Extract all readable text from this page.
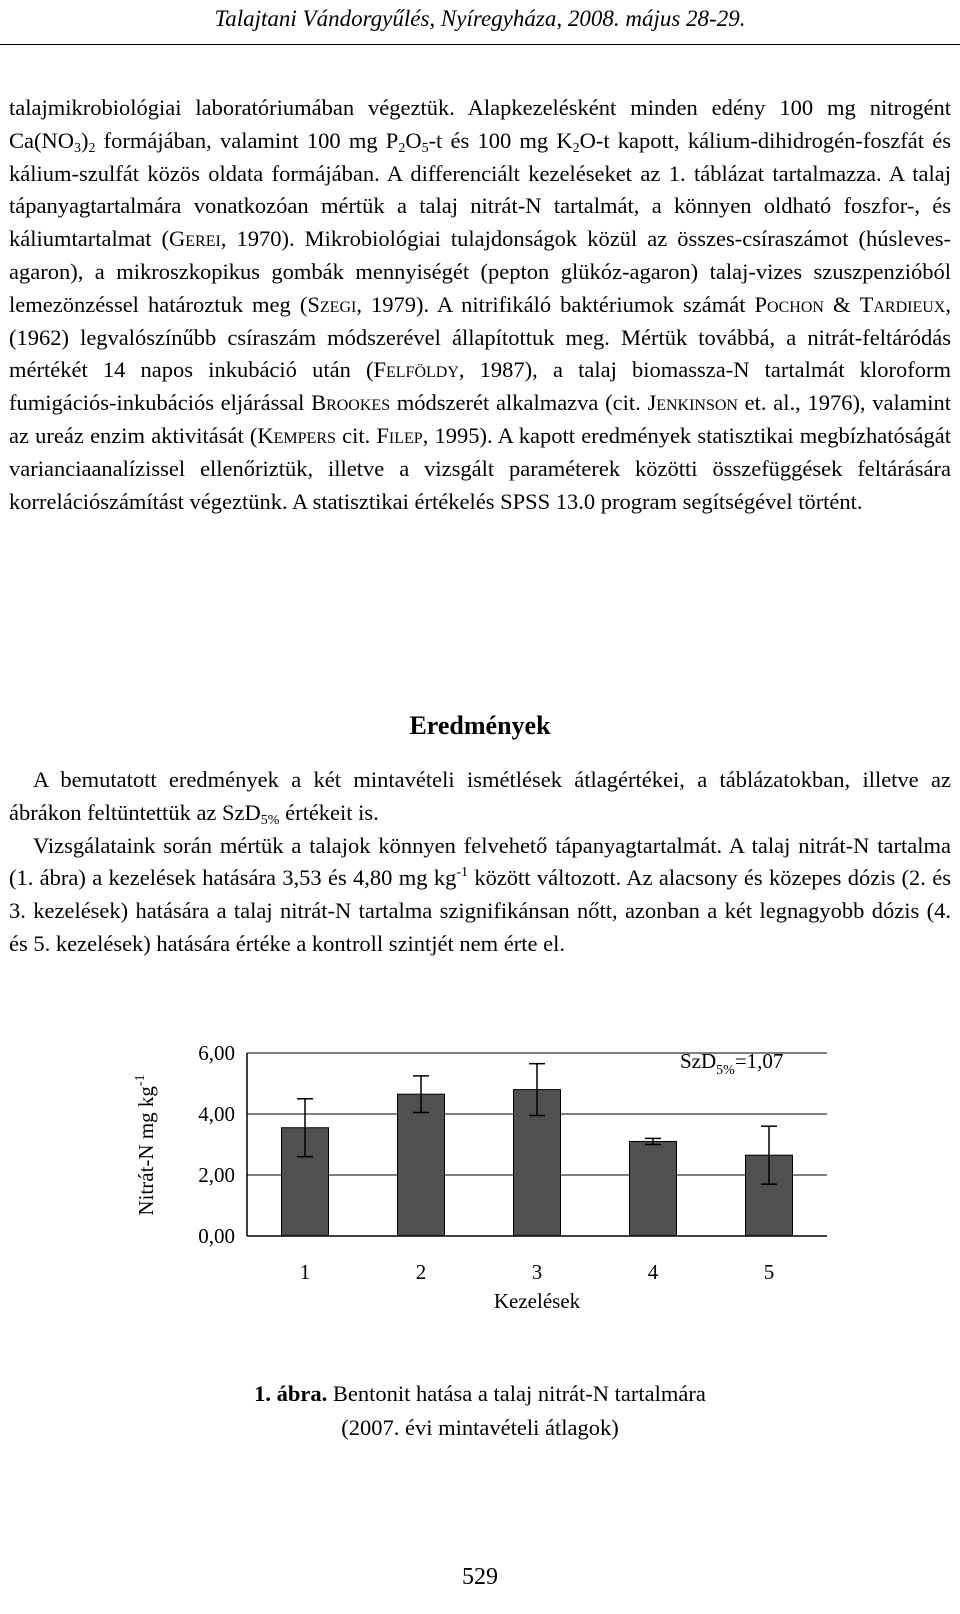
Talajtani Vándorgyűlés, Nyíregyháza, 2008. május 28-29.

talajmikrobiológiai laboratóriumában végeztük. Alapkezelésként minden edény 100 mg nitrogént $Ca(NO_3)_2$ formájában, valamint 100 mg $P_2O_5-t$ és 100 mg $K_2O-t$ kapott, kálium-dihidrogén-foszfát és kálium-szulfát közös oldata formájában. A differenciált kezeléseket az 1. táblázat tartalmazza. A talaj tápanyagtartalmára vonatkozóan mértük a talaj nitrát-N tartalmát, a könnyen oldható foszfor-, és káliumtartalmat (Gerei, 1970). Mikrobiológiai tulajdonságok közül az összes-csíraszámot (húsleves-agaron), a mikroszkopikus gombák mennyiségét (pepton glükóz-agaron) talaj-vizes szuszpenzióból lemezönzéssel határoztuk meg (Szegi, 1979). A nitrifikáló baktériumok számát Pochon & Tardieux, (1962) legvalószínűbb csíraszám módszerével állapítottuk meg. Mértük továbbá, a nitrát-feltáródás mértékét 14 napos inkubáció után (Felföldy, 1987), a talaj biomassza-N tartalmát kloroform fumigációs-inkubációs eljárással Brookes módszerét alkalmazva (cit. Jenkinson et. al., 1976), valamint az ureáz enzim aktivitását (Kempers cit. Filep, 1995). A kapott eredmények statisztikai megbízhatóságát varianciaanalízissel ellenőriztük, illetve a vizsgált paraméterek közötti összefüggések feltárására korrelációszámítást végeztünk. A statisztikai értékelés SPSS 13.0 program segítségével történt.

Eredmények

A bemutatott eredmények a két mintavételi ismétlések átlagértékei, a táblázatokban, illetve az ábrákon feltüntettük az SzD$_{5\%}$ értékeit is.

Vizsgálataink során mértük a talajok könnyen felvehető tápanyagtartalmát. A talaj nitrát-N tartalma (1. ábra) a kezelések hatására 3,53 és 4,80 mg $kg^{-1}$ között változott. Az alacsony és közepes dózis (2. és 3. kezelések) hatására a talaj nitrát-N tartalma szignifikánsan nőtt, azonban a két legnagyobb dózis (4. és 5. kezelések) hatására értéke a kontroll szintjét nem érte el.

0,00
2,00
4,00
6,00
1	2	3	4	5
Kezelések
Nitrát-N mg $kg^{-1}$
SzD$_{5\%}$=1,07
1. ábra. Bentonit hatása a talaj nitrát-N tartalmára
(2007. évi mintavételi átlagok)
529
